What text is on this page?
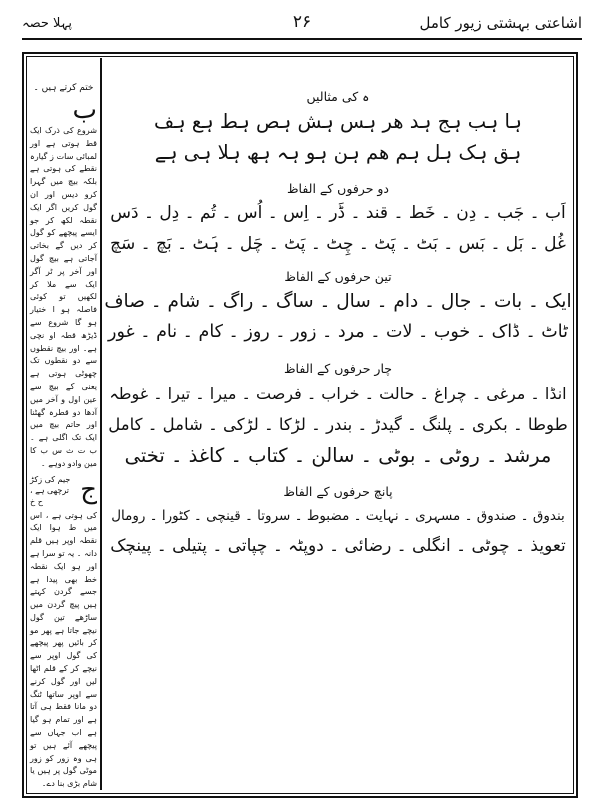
اشاعتی بہشتی زیور کامل
۲۶
پہلا حصہ
ختم کرتے ہیں ۔
ب

شروع کی ذرک ایک قط ہوتی ہے اور لمبائی سات ز گیارہ نقطے کی ہوتی ہے بلکہ بیچ میں گہرا کرو دیس اور ان گول کریں اگر ایک نقطہ لکھ کر جو ایسے پیچھے کو گول کر دیں گے بخاتی آجاتی ہے بیچ گول اور آخر پر ٹر آگر ایک سے ملا کر لکھیں تو کوئی فاصلہ ہو ا ختیار ہو گا شروع سے ڈیڑھ قطہ او نچی ہے۔ اور بیچ نقطوں سے دو نقطوں تک چھوٹی ہوتی ہے یعنی کے بیچ سے عین اول و آخر میں آدھا دو قطرہ گھٹنا اور حاتم بیچ میں ایک تک اگلی ہے ۔ ب ت ث س ب کا مین وادو دوہے ۔

ج
جیم کی زکڑ ترچھی ہے ، ح خ

کی ہوتی ہے ، اس میں ط ہوا ایک نقطہ اوپر ہیں قلم دانہ ۔ یہ تو سرا ہے اور ہو ایک نقطہ خط بھی پیدا ہے جسے گردن کہتے ہیں پیچ گردن میں ساڑھے تین گول نیچے جاتا ہے پھر مو کر بائیں پھر پیچھے کی گول اوپر سے نیچے کر کے قلم اٹھا لیں اور گول کرنے سے اوپر ساتھا ٹنگ دو مانا فقط ہی آتا ہے اور تمام ہو گیا ہے اب جہاں سے پیچھے آئے ہیں تو ہی وہ زور کو زور موٹی گول پر ہیں یا شام بڑی بنا دے۔

ہ کی مثالیں

ہا ہب ہج ہد ھر ہس ہش ہص ہط ہع ہف

ہق ہک ہل ہم ھم ہن ہو ہہ ہھ ہلا ہی ہے

دو حرفوں کے الفاظ

اَب ۔ جَب ۔ دِن ۔ خَط ۔ قند ۔ ڈَر ۔ اِس ۔ اُس ۔ تُم ۔ دِل ۔ دَس

غُل ۔ بَل ۔ بَس ۔ بَٹ ۔ پَٹ ۔ چِٹ ۔ پَٹ ۔ چَل ۔ ہَٹ ۔ بَچ ۔ سَچ

تین حرفوں کے الفاظ

ایک ۔ بات ۔ جال ۔ دام ۔ سال ۔ ساگ ۔ راگ ۔ شام ۔ صاف

ٹاٹ ۔ ڈاک ۔ خوب ۔ لات ۔ مرد ۔ زور ۔ روز ۔ کام ۔ نام ۔ غور

چار حرفوں کے الفاظ

انڈا ۔ مرغی ۔ چراغ ۔ حالت ۔ خراب ۔ فرصت ۔ میرا ۔ تیرا ۔ غوطہ

طوطا ۔ بکری ۔ پلنگ ۔ گیدڑ ۔ بندر ۔ لڑکا ۔ لڑکی ۔ شامل ۔ کامل

مرشد ۔ روٹی ۔ بوٹی ۔ سالن ۔ کتاب ۔ کاغذ ۔ تختی

پانچ حرفوں کے الفاظ

بندوق ۔ صندوق ۔ مسہری ۔ نہایت ۔ مضبوط ۔ سروتا ۔ قینچی ۔ کٹورا ۔ رومال

تعویذ ۔ چوٹی ۔ انگلی ۔ رضائی ۔ دوپٹہ ۔ چپاتی ۔ پتیلی ۔ پینچک
